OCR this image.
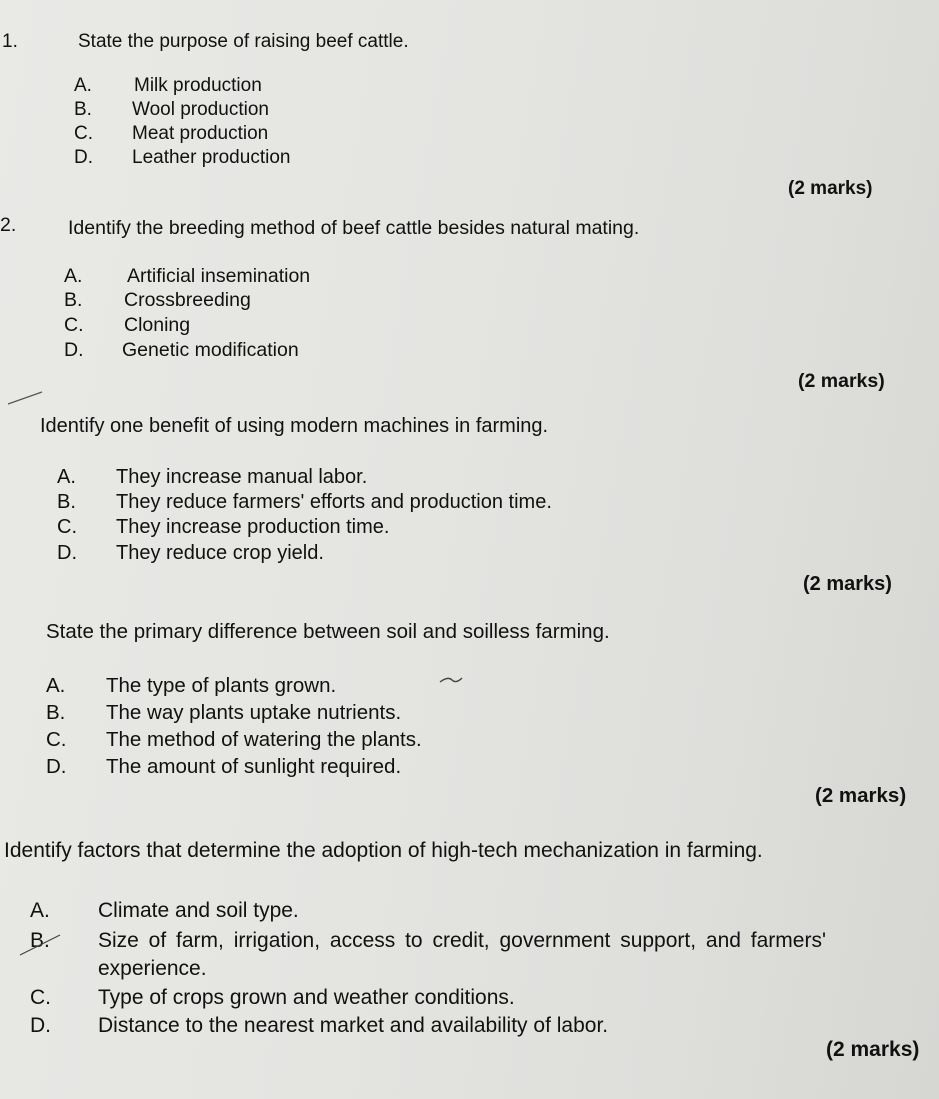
1.	State the purpose of raising beef cattle.
A. Milk production
B. Wool production
C. Meat production
D. Leather production
(2 marks)
2.	Identify the breeding method of beef cattle besides natural mating.
A. Artificial insemination
B. Crossbreeding
C. Cloning
D. Genetic modification
(2 marks)
Identify one benefit of using modern machines in farming.
A. They increase manual labor.
B. They reduce farmers' efforts and production time.
C. They increase production time.
D. They reduce crop yield.
(2 marks)
State the primary difference between soil and soilless farming.
A. The type of plants grown.
B. The way plants uptake nutrients.
C. The method of watering the plants.
D. The amount of sunlight required.
(2 marks)
Identify factors that determine the adoption of high-tech mechanization in farming.
A. Climate and soil type.
B. Size of farm, irrigation, access to credit, government support, and farmers'
experience.
C. Type of crops grown and weather conditions.
D. Distance to the nearest market and availability of labor.
(2 marks)
